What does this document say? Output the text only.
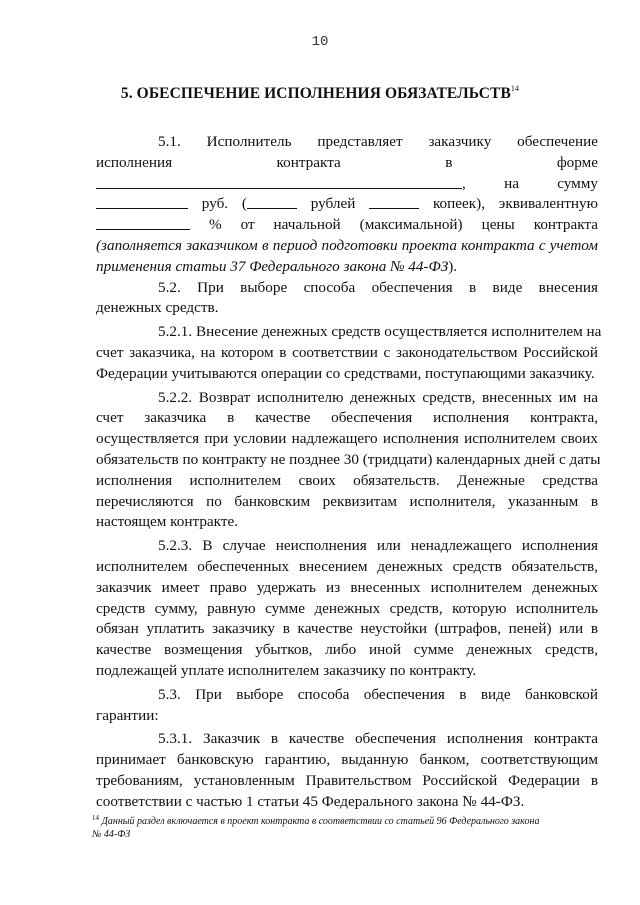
10
5. ОБЕСПЕЧЕНИЕ ИСПОЛНЕНИЯ ОБЯЗАТЕЛЬСТВ$^{14}$
5.1. Исполнитель представляет заказчику обеспечение
исполнения	контракта	в	форме
,	на	сумму
руб. (	рублей	копеек), эквивалентную
% от начальной (максимальной) цены контракта
(заполняется заказчиком в период подготовки проекта контракта с учетом
применения статьи 37 Федерального закона № 44-ФЗ).
5.2. При выборе способа обеспечения в виде внесения
денежных средств.
5.2.1. Внесение денежных средств осуществляется исполнителем на
счет заказчика, на котором в соответствии с законодательством Российской
Федерации учитываются операции со средствами, поступающими заказчику.
5.2.2. Возврат исполнителю денежных средств, внесенных им на
счет заказчика в качестве обеспечения исполнения контракта,
осуществляется при условии надлежащего исполнения исполнителем своих
обязательств по контракту не позднее 30 (тридцати) календарных дней с даты
исполнения исполнителем своих обязательств. Денежные средства
перечисляются по банковским реквизитам исполнителя, указанным в
настоящем контракте.
5.2.3. В случае неисполнения или ненадлежащего исполнения
исполнителем обеспеченных внесением денежных средств обязательств,
заказчик имеет право удержать из внесенных исполнителем денежных
средств сумму, равную сумме денежных средств, которую исполнитель
обязан уплатить заказчику в качестве неустойки (штрафов, пеней) или в
качестве возмещения убытков, либо иной сумме денежных средств,
подлежащей уплате исполнителем заказчику по контракту.
5.3. При выборе способа обеспечения в виде банковской
гарантии:
5.3.1. Заказчик в качестве обеспечения исполнения контракта
принимает банковскую гарантию, выданную банком, соответствующим
требованиям, установленным Правительством Российской Федерации в
соответствии с частью 1 статьи 45 Федерального закона № 44-ФЗ.
$^{14}$ Данный раздел включается в проект контракта в соответствии со статьей 96 Федерального закона
№ 44-ФЗ
